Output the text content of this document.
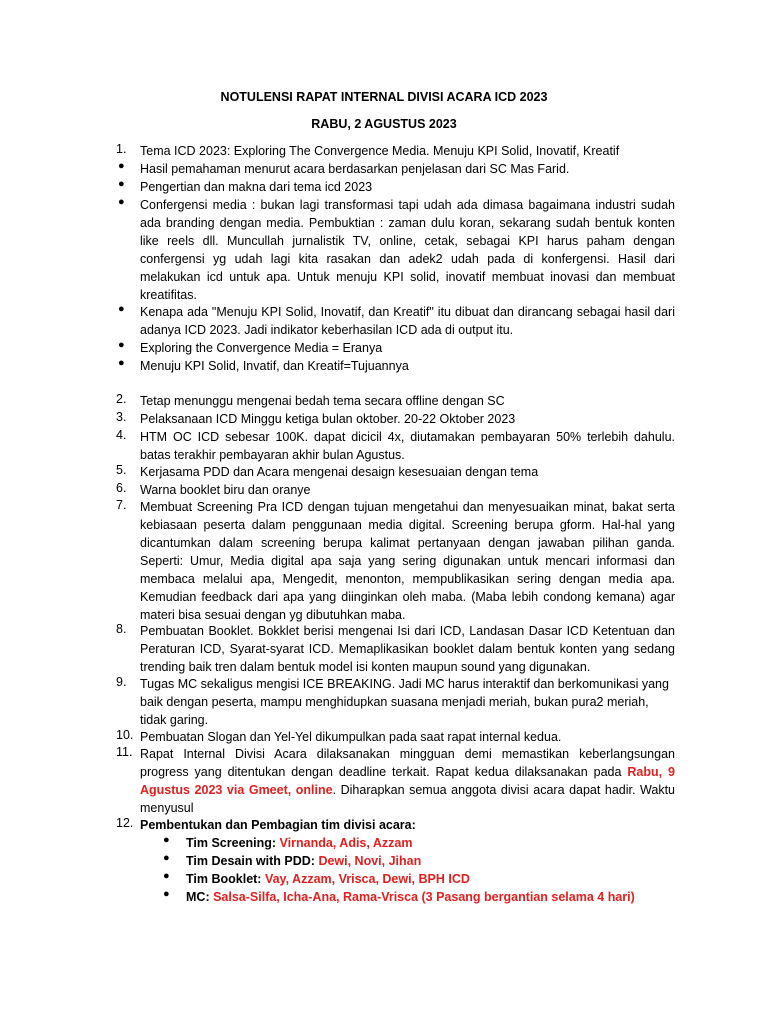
NOTULENSI RAPAT INTERNAL DIVISI ACARA ICD 2023
RABU, 2 AGUSTUS 2023
1.	Tema ICD 2023: Exploring The Convergence Media. Menuju KPI Solid, Inovatif, Kreatif
●	Hasil pemahaman menurut acara berdasarkan penjelasan dari SC Mas Farid.
●	Pengertian dan makna dari tema icd 2023
●	Confergensi media : bukan lagi transformasi tapi udah ada dimasa bagaimana industri sudah ada branding dengan media. Pembuktian : zaman dulu koran, sekarang sudah bentuk konten like reels dll. Muncullah jurnalistik TV, online, cetak, sebagai KPI harus paham dengan confergensi yg udah lagi kita rasakan dan adek2 udah pada di konfergensi. Hasil dari melakukan icd untuk apa. Untuk menuju KPI solid, inovatif membuat inovasi dan membuat kreatifitas.
●	Kenapa ada "Menuju KPI Solid, Inovatif, dan Kreatif" itu dibuat dan dirancang sebagai hasil dari adanya ICD 2023. Jadi indikator keberhasilan ICD ada di output itu.
●	Exploring the Convergence Media = Eranya
●	Menuju KPI Solid, Invatif, dan Kreatif=Tujuannya
2.	Tetap menunggu mengenai bedah tema secara offline dengan SC
3.	Pelaksanaan ICD Minggu ketiga bulan oktober. 20-22 Oktober 2023
4.	HTM OC ICD sebesar 100K. dapat dicicil 4x, diutamakan pembayaran 50% terlebih dahulu. batas terakhir pembayaran akhir bulan Agustus.
5.	Kerjasama PDD dan Acara mengenai desaign kesesuaian dengan tema
6.	Warna booklet biru dan oranye
7.	Membuat Screening Pra ICD dengan tujuan mengetahui dan menyesuaikan minat, bakat serta kebiasaan peserta dalam penggunaan media digital. Screening berupa gform. Hal-hal yang dicantumkan dalam screening berupa kalimat pertanyaan dengan jawaban pilihan ganda. Seperti: Umur, Media digital apa saja yang sering digunakan untuk mencari informasi dan membaca melalui apa, Mengedit, menonton, mempublikasikan sering dengan media apa. Kemudian feedback dari apa yang diinginkan oleh maba. (Maba lebih condong kemana) agar materi bisa sesuai dengan yg dibutuhkan maba.
8.	Pembuatan Booklet. Bokklet berisi mengenai Isi dari ICD, Landasan Dasar ICD Ketentuan dan Peraturan ICD, Syarat-syarat ICD. Memaplikasikan booklet dalam bentuk konten yang sedang trending baik tren dalam bentuk model isi konten maupun sound yang digunakan.
9.	Tugas MC sekaligus mengisi ICE BREAKING. Jadi MC harus interaktif dan berkomunikasi yang baik dengan peserta, mampu menghidupkan suasana menjadi meriah, bukan pura2 meriah, tidak garing.
10. Pembuatan Slogan dan Yel-Yel dikumpulkan pada saat rapat internal kedua.
11. Rapat Internal Divisi Acara dilaksanakan mingguan demi memastikan keberlangsungan progress yang ditentukan dengan deadline terkait. Rapat kedua dilaksanakan pada Rabu, 9 Agustus 2023 via Gmeet, online. Diharapkan semua anggota divisi acara dapat hadir. Waktu menyusul
12. Pembentukan dan Pembagian tim divisi acara:
●	Tim Screening: Virnanda, Adis, Azzam
●	Tim Desain with PDD: Dewi, Novi, Jihan
●	Tim Booklet: Vay, Azzam, Vrisca, Dewi, BPH ICD
●	MC: Salsa-Silfa, Icha-Ana, Rama-Vrisca (3 Pasang bergantian selama 4 hari)
